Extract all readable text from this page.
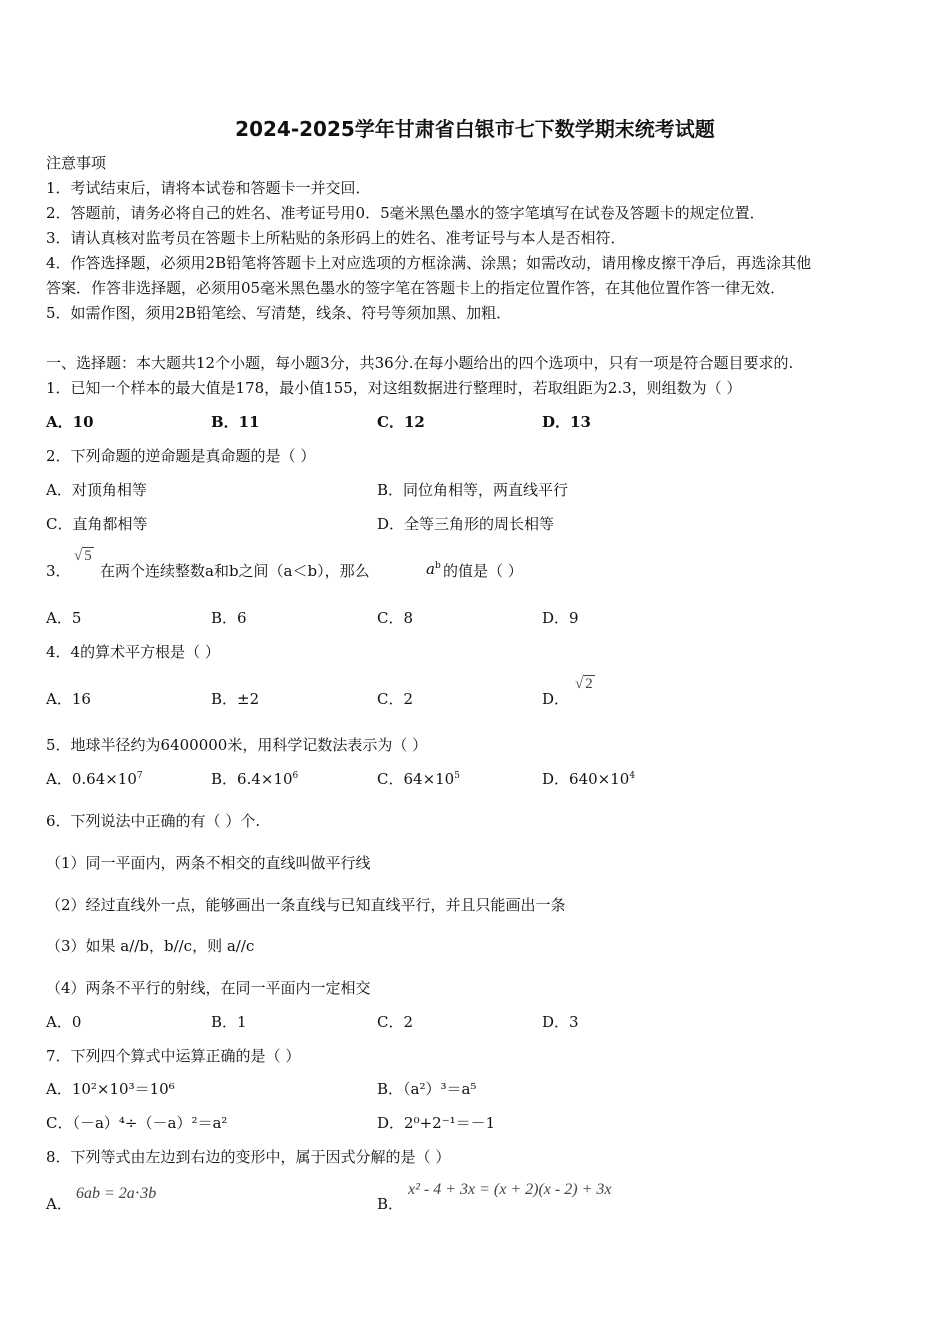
2024-2025学年甘肃省白银市七下数学期末统考试题
注意事项
1．考试结束后，请将本试卷和答题卡一并交回．
2．答题前，请务必将自己的姓名、准考证号用0．5毫米黑色墨水的签字笔填写在试卷及答题卡的规定位置．
3．请认真核对监考员在答题卡上所粘贴的条形码上的姓名、准考证号与本人是否相符．
4．作答选择题，必须用2B铅笔将答题卡上对应选项的方框涂满、涂黑；如需改动，请用橡皮擦干净后，再选涂其他
答案．作答非选择题，必须用05毫米黑色墨水的签字笔在答题卡上的指定位置作答，在其他位置作答一律无效．
5．如需作图，须用2B铅笔绘、写清楚，线条、符号等须加黑、加粗．
一、选择题：本大题共12个小题，每小题3分，共36分.在每小题给出的四个选项中，只有一项是符合题目要求的.
1．已知一个样本的最大值是178，最小值155，对这组数据进行整理时，若取组距为2.3，则组数为（ ）
A．10	B．11	C．12	D．13
2．下列命题的逆命题是真命题的是（ ）
A．对顶角相等	B．同位角相等，两直线平行
C．直角都相等	D．全等三角形的周长相等
3．
√ 5
在两个连续整数a和b之间（a＜b），那么	$a^b$ 的值是（ ）
A．5	B．6	C．8	D．9
4．4的算术平方根是（ ）
A．16	B．±2	C．2	D．
√ 2
5．地球半径约为6400000米，用科学记数法表示为（ ）
A．$0.64\times 10^7$	B．$6.4\times 10^6$	C．$64\times 10^5$	D．$640\times 10^4$
6．下列说法中正确的有（ ）个.
（1）同一平面内，两条不相交的直线叫做平行线
（2）经过直线外一点，能够画出一条直线与已知直线平行，并且只能画出一条
（3）如果 a//b，b//c，则 a//c
（4）两条不平行的射线，在同一平面内一定相交
A．0	B．1	C．2	D．3
7．下列四个算式中运算正确的是（ ）
A．10²×10³＝10⁶	B．（a²）³＝a⁵
C．（－a）⁴÷（－a）²＝a²	D．2⁰+2⁻¹＝－1
8．下列等式由左边到右边的变形中，属于因式分解的是（ ）
A．
6ab = 2a⋅3b
B．
x² - 4 + 3x = (x + 2)(x - 2) + 3x
